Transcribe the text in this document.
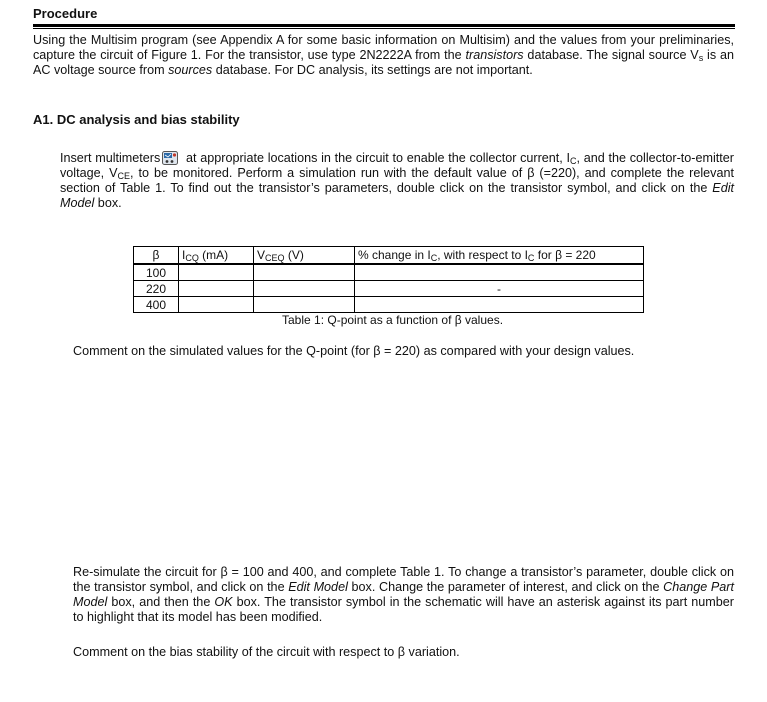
Procedure
Using the Multisim program (see Appendix A for some basic information on Multisim) and the values from your preliminaries, capture the circuit of Figure 1. For the transistor, use type 2N2222A from the transistors database. The signal source $V_s$ is an AC voltage source from sources database. For DC analysis, its settings are not important.
A1. DC analysis and bias stability
Insert multimeters at appropriate locations in the circuit to enable the collector current, $I_C$, and the collector-to-emitter voltage, $V_{CE}$, to be monitored. Perform a simulation run with the default value of β (=220), and complete the relevant section of Table 1. To find out the transistor’s parameters, double click on the transistor symbol, and click on the Edit Model box.
β	$I_{CQ}$ (mA)	$V_{CEQ}$ (V)	% change in $I_C$, with respect to $I_C$ for β = 220
100			
220			-
400			
Table 1: Q-point as a function of β values.
Comment on the simulated values for the Q-point (for β = 220) as compared with your design values.
Re-simulate the circuit for β = 100 and 400, and complete Table 1. To change a transistor’s parameter, double click on the transistor symbol, and click on the Edit Model box. Change the parameter of interest, and click on the Change Part Model box, and then the OK box. The transistor symbol in the schematic will have an asterisk against its part number to highlight that its model has been modified.
Comment on the bias stability of the circuit with respect to β variation.
